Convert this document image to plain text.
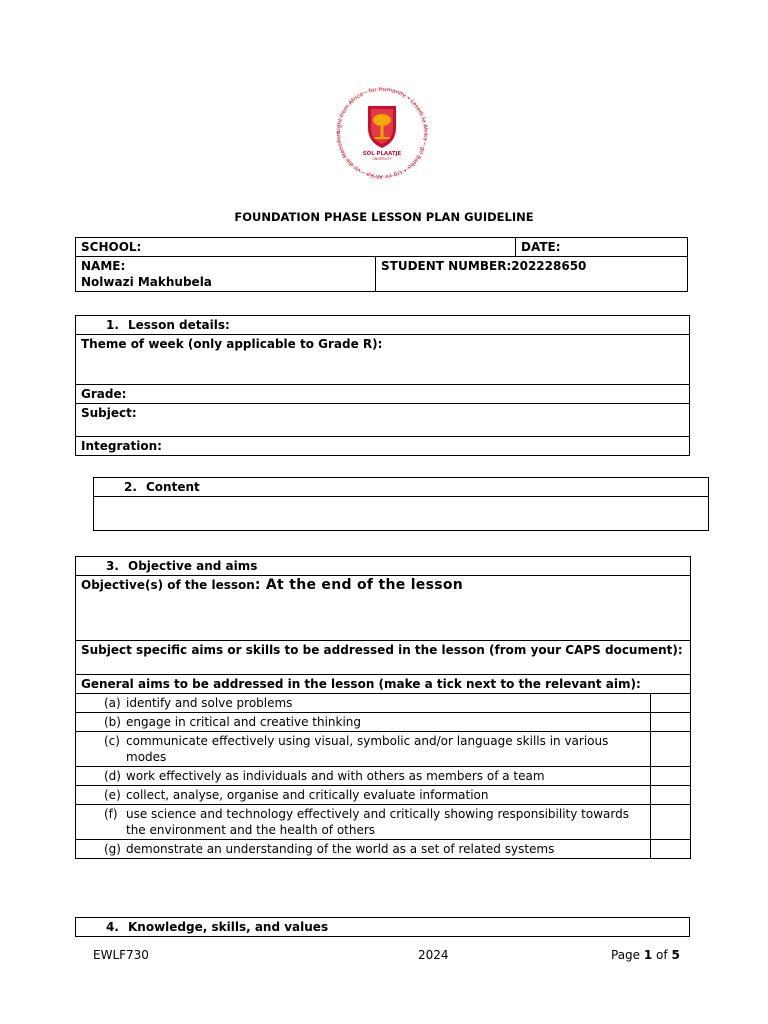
Light from Africa – for Humanity • Lesedi la Afrika – go Batho • Lig vir Afrika – vir die Mensdom
SOL PLAATJE
UNIVERSITY
FOUNDATION PHASE LESSON PLAN GUIDELINE
SCHOOL:		DATE:

NAME:
Nolwazi Makhubela	STUDENT NUMBER:202228650	
1. Lesson details:
Theme of week (only applicable to Grade R):
Grade:
Subject:
Integration:
2. Content

3. Objective and aims	
Objective(s) of the lesson: At the end of the lesson	
Subject specific aims or skills to be addressed in the lesson (from your CAPS document):	
General aims to be addressed in the lesson (make a tick next to the relevant aim):	

(a) identify and solve problems	

(b) engage in critical and creative thinking	

(c) communicate effectively using visual, symbolic and/or language skills in various modes	

(d) work effectively as individuals and with others as members of a team	

(e) collect, analyse, organise and critically evaluate information	

(f) use science and technology effectively and critically showing responsibility towards the environment and the health of others	

(g) demonstrate an understanding of the world as a set of related systems	

4. Knowledge, skills, and values
EWLF730	2024	Page 1 of 5
